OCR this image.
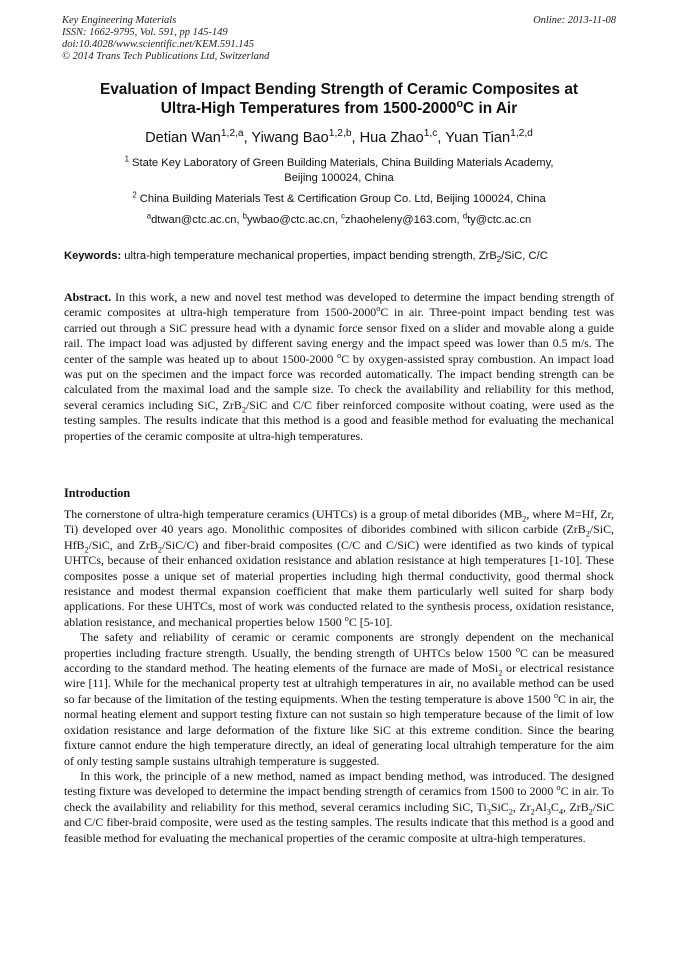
Key Engineering Materials
ISSN: 1662-9795, Vol. 591, pp 145-149
doi:10.4028/www.scientific.net/KEM.591.145
© 2014 Trans Tech Publications Ltd, Switzerland
Online: 2013-11-08
Evaluation of Impact Bending Strength of Ceramic Composites at
Ultra-High Temperatures from 1500-2000$^o$C in Air
Detian Wan$^{1,2,a}$, Yiwang Bao$^{1,2,b}$, Hua Zhao$^{1,c}$, Yuan Tian$^{1,2,d}$
$^1$ State Key Laboratory of Green Building Materials, China Building Materials Academy,
Beijing 100024, China
$^2$ China Building Materials Test & Certification Group Co. Ltd, Beijing 100024, China
$^a$dtwan@ctc.ac.cn, $^b$ywbao@ctc.ac.cn, $^c$zhaoheleny@163.com, $^d$ty@ctc.ac.cn
Keywords: ultra-high temperature mechanical properties, impact bending strength, ZrB$_2$/SiC, C/C

Abstract. In this work, a new and novel test method was developed to determine the impact bending strength of ceramic composites at ultra-high temperature from 1500-2000$^o$C in air. Three-point impact bending test was carried out through a SiC pressure head with a dynamic force sensor fixed on a slider and movable along a guide rail. The impact load was adjusted by different saving energy and the impact speed was lower than 0.5 m/s. The center of the sample was heated up to about 1500-2000 $^o$C by oxygen-assisted spray combustion. An impact load was put on the specimen and the impact force was recorded automatically. The impact bending strength can be calculated from the maximal load and the sample size. To check the availability and reliability for this method, several ceramics including SiC, ZrB$_2$/SiC and C/C fiber reinforced composite without coating, were used as the testing samples. The results indicate that this method is a good and feasible method for evaluating the mechanical properties of the ceramic composite at ultra-high temperatures.

Introduction

The cornerstone of ultra-high temperature ceramics (UHTCs) is a group of metal diborides ($MB_2$, where M=Hf, Zr, Ti) developed over 40 years ago. Monolithic composites of diborides combined with silicon carbide (ZrB$_2$/SiC, HfB$_2$/SiC, and ZrB$_2$/SiC/C) and fiber-braid composites (C/C and C/SiC) were identified as two kinds of typical UHTCs, because of their enhanced oxidation resistance and ablation resistance at high temperatures [1-10]. These composites posse a unique set of material properties including high thermal conductivity, good thermal shock resistance and modest thermal expansion coefficient that make them particularly well suited for sharp body applications. For these UHTCs, most of work was conducted related to the synthesis process, oxidation resistance, ablation resistance, and mechanical properties below 1500 $^o$C [5-10].

The safety and reliability of ceramic or ceramic components are strongly dependent on the mechanical properties including fracture strength. Usually, the bending strength of UHTCs below 1500 $^o$C can be measured according to the standard method. The heating elements of the furnace are made of MoSi$_2$ or electrical resistance wire [11]. While for the mechanical property test at ultrahigh temperatures in air, no available method can be used so far because of the limitation of the testing equipments. When the testing temperature is above 1500 $^o$C in air, the normal heating element and support testing fixture can not sustain so high temperature because of the limit of low oxidation resistance and large deformation of the fixture like SiC at this extreme condition. Since the bearing fixture cannot endure the high temperature directly, an ideal of generating local ultrahigh temperature for the aim of only testing sample sustains ultrahigh temperature is suggested.

In this work, the principle of a new method, named as impact bending method, was introduced. The designed testing fixture was developed to determine the impact bending strength of ceramics from 1500 to 2000 $^o$C in air. To check the availability and reliability for this method, several ceramics including SiC, $Ti_3SiC_2$, $Zr_2Al_3C_4$, ZrB$_2$/SiC and C/C fiber-braid composite, were used as the testing samples. The results indicate that this method is a good and feasible method for evaluating the mechanical properties of the ceramic composite at ultra-high temperatures.
